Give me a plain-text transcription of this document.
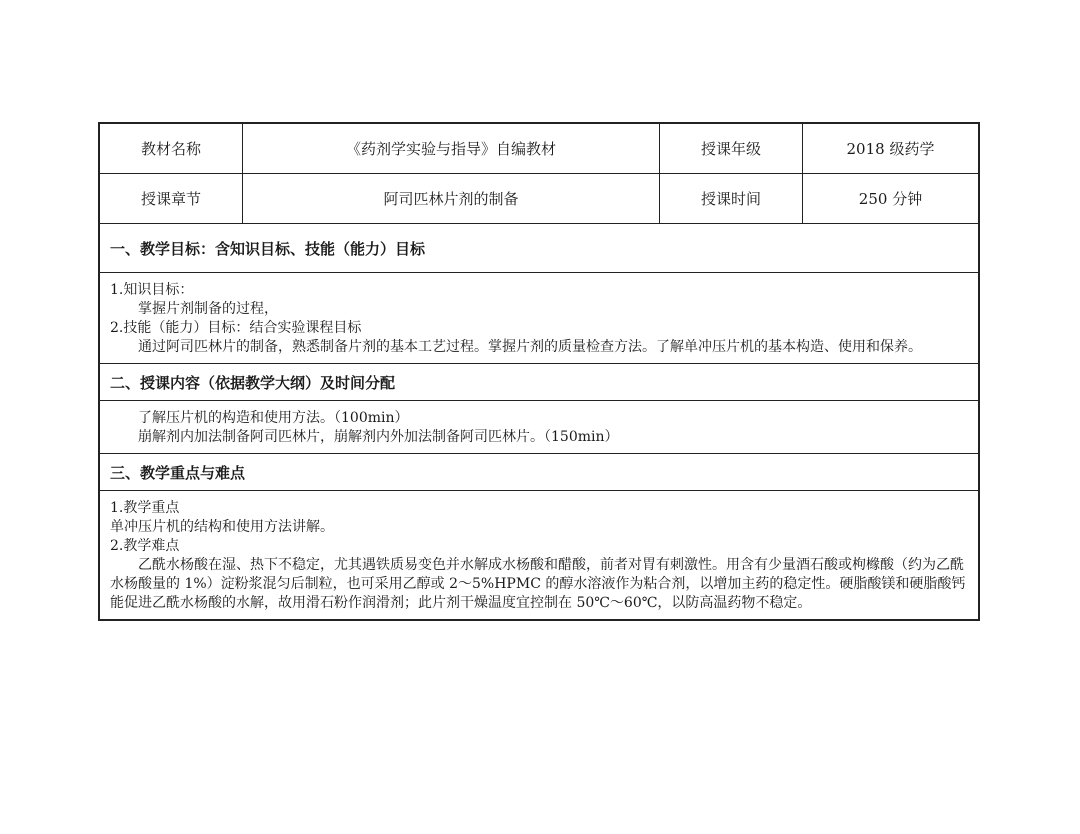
教材名称	《药剂学实验与指导》自编教材	授课年级	2018 级药学
授课章节	阿司匹林片剂的制备	授课时间	250 分钟
一、教学目标：含知识目标、技能（能力）目标			

1.知识目标：

掌握片剂制备的过程，

2.技能（能力）目标：结合实验课程目标

通过阿司匹林片的制备，熟悉制备片剂的基本工艺过程。掌握片剂的质量检查方法。了解单冲压片机的基本构造、使用和保养。			

二、授课内容（依据教学大纲）及时间分配			

了解压片机的构造和使用方法。（100min）

崩解剂内加法制备阿司匹林片，崩解剂内外加法制备阿司匹林片。（150min）			

三、教学重点与难点			

1.教学重点

单冲压片机的结构和使用方法讲解。

2.教学难点

乙酰水杨酸在湿、热下不稳定，尤其遇铁质易变色并水解成水杨酸和醋酸，前者对胃有刺激性。用含有少量酒石酸或枸橼酸（约为乙酰水杨酸量的 1%）淀粉浆混匀后制粒，也可采用乙醇或 2～5%HPMC 的醇水溶液作为粘合剂，以增加主药的稳定性。硬脂酸镁和硬脂酸钙能促进乙酰水杨酸的水解，故用滑石粉作润滑剂；此片剂干燥温度宜控制在 50℃～60℃，以防高温药物不稳定。			
